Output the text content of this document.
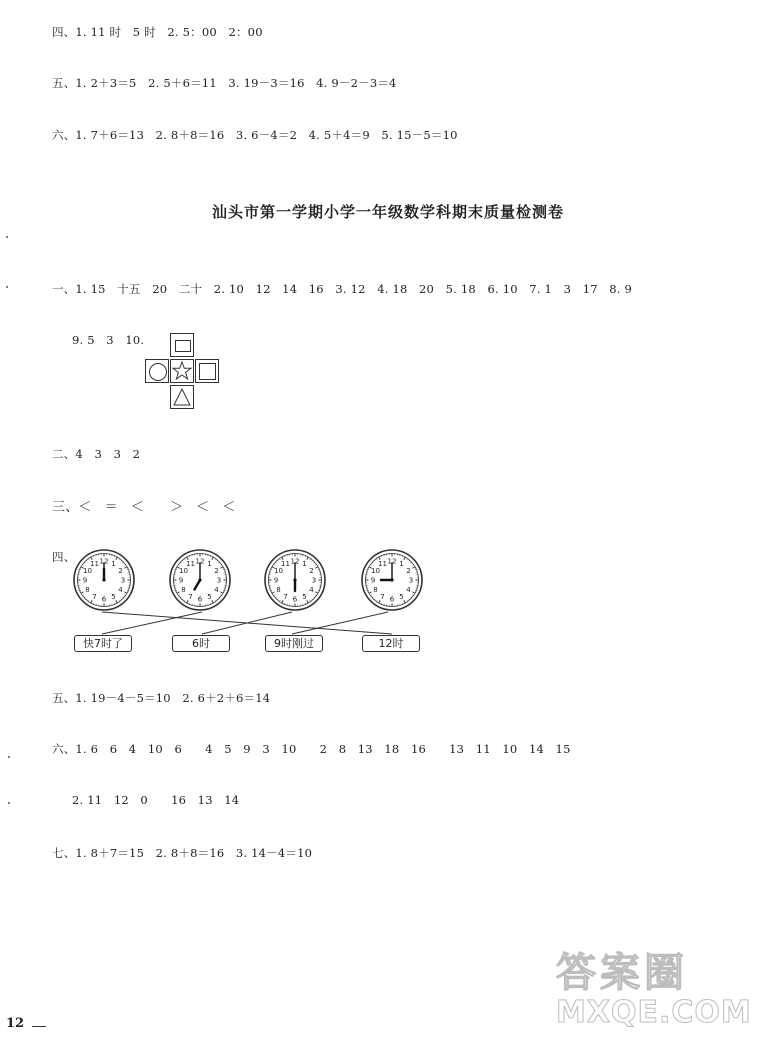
四、1. 11 时   5 时   2. 5：00   2：00
五、1. 2＋3＝5   2. 5＋6＝11   3. 19－3＝16   4. 9－2－3＝4
六、1. 7＋6＝13   2. 8＋8＝16   3. 6－4＝2   4. 5＋4＝9   5. 15－5＝10
汕头市第一学期小学一年级数学科期末质量检测卷
一、1. 15   十五   20   二十   2. 10   12   14   16   3. 12   4. 18   20   5. 18   6. 10   7. 1   3   17   8. 9
9. 5   3   10.
二、4   3   3   2
三、＜   ＝   ＜      ＞   ＜   ＜
四、	12 1
2
3
4
5
6
7
8
9
10
11	12 1
2
3
4
5
6
7
8
9
10
11	12 1
2
3
4
5
6
7
8
9
10
11	12 1
2
3
4
5
6
7
8
9
10
11
快7时了	6时	9时刚过	12时
五、1. 19－4－5＝10   2. 6＋2＋6＝14
六、1. 6   6   4   10   6      4   5   9   3   10      2   8   13   18   16      13   11   10   14   15
2. 11   12   0      16   13   14
七、1. 8＋7＝15   2. 8＋8＝16   3. 14－4＝10
12
答案圈
MXQE.COM
